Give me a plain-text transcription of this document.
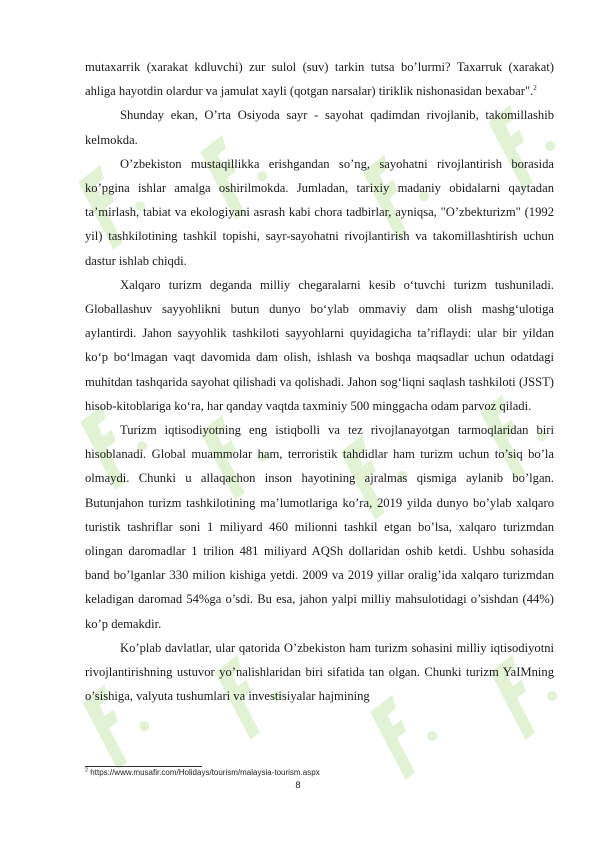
mutaxarrik (xarakat kdluvchi) zur sulol (suv) tarkin tutsa bo’lurmi? Taxarruk (xarakat) ahliga hayotdin olardur va jamulat xayli (qotgan narsalar) tiriklik nishonasidan bexabar".$^2$

Shunday ekan, O’rta Osiyoda sayr - sayohat qadimdan rivojlanib, takomillashib kelmokda.

O’zbekiston mustaqillikka erishgandan so’ng, sayohatni rivojlantirish borasida ko’pgina ishlar amalga oshirilmokda. Jumladan, tarixiy madaniy obidalarni qaytadan ta’mirlash, tabiat va ekologiyani asrash kabi chora tadbirlar, ayniqsa, "O’zbekturizm" (1992 yil) tashkilotining tashkil topishi, sayr-sayohatni rivojlantirish va takomillashtirish uchun dastur ishlab chiqdi.

Xalqaro turizm deganda milliy chegaralarni kesib o‘tuvchi turizm tushuniladi. Globallashuv sayyohlikni butun dunyo bo‘ylab ommaviy dam olish mashg‘ulotiga aylantirdi. Jahon sayyohlik tashkiloti sayyohlarni quyidagicha ta’riflaydi: ular bir yildan ko‘p bo‘lmagan vaqt davomida dam olish, ishlash va boshqa maqsadlar uchun odatdagi muhitdan tashqarida sayohat qilishadi va qolishadi. Jahon sog‘liqni saqlash tashkiloti (JSST) hisob-kitoblariga ko‘ra, har qanday vaqtda taxminiy 500 minggacha odam parvoz qiladi.

Turizm iqtisodiyotning eng istiqbolli va tez rivojlanayotgan tarmoqlaridan biri hisoblanadi. Global muammolar ham, terroristik tahdidlar ham turizm uchun to’siq bo’la olmaydi. Chunki u allaqachon inson hayotining ajralmas qismiga aylanib bo’lgan. Butunjahon turizm tashkilotining ma’lumotlariga ko’ra, 2019 yilda dunyo bo’ylab xalqaro turistik tashriflar soni 1 miliyard 460 milionni tashkil etgan bo’lsa, xalqaro turizmdan olingan daromadlar 1 trilion 481 miliyard AQSh dollaridan oshib ketdi. Ushbu sohasida band bo’lganlar 330 milion kishiga yetdi. 2009 va 2019 yillar oralig’ida xalqaro turizmdan keladigan daromad 54%ga o’sdi. Bu esa, jahon yalpi milliy mahsulotidagi o’sishdan (44%) ko’p demakdir.

Ko’plab davlatlar, ular qatorida O’zbekiston ham turizm sohasini milliy iqtisodiyotni rivojlantirishning ustuvor yo’nalishlaridan biri sifatida tan olgan. Chunki turizm YaIMning o’sishiga, valyuta tushumlari va investisiyalar hajmining

$^2$ https://www.musafir.com/Holidays/tourism/malaysia-tourism.aspx
8
